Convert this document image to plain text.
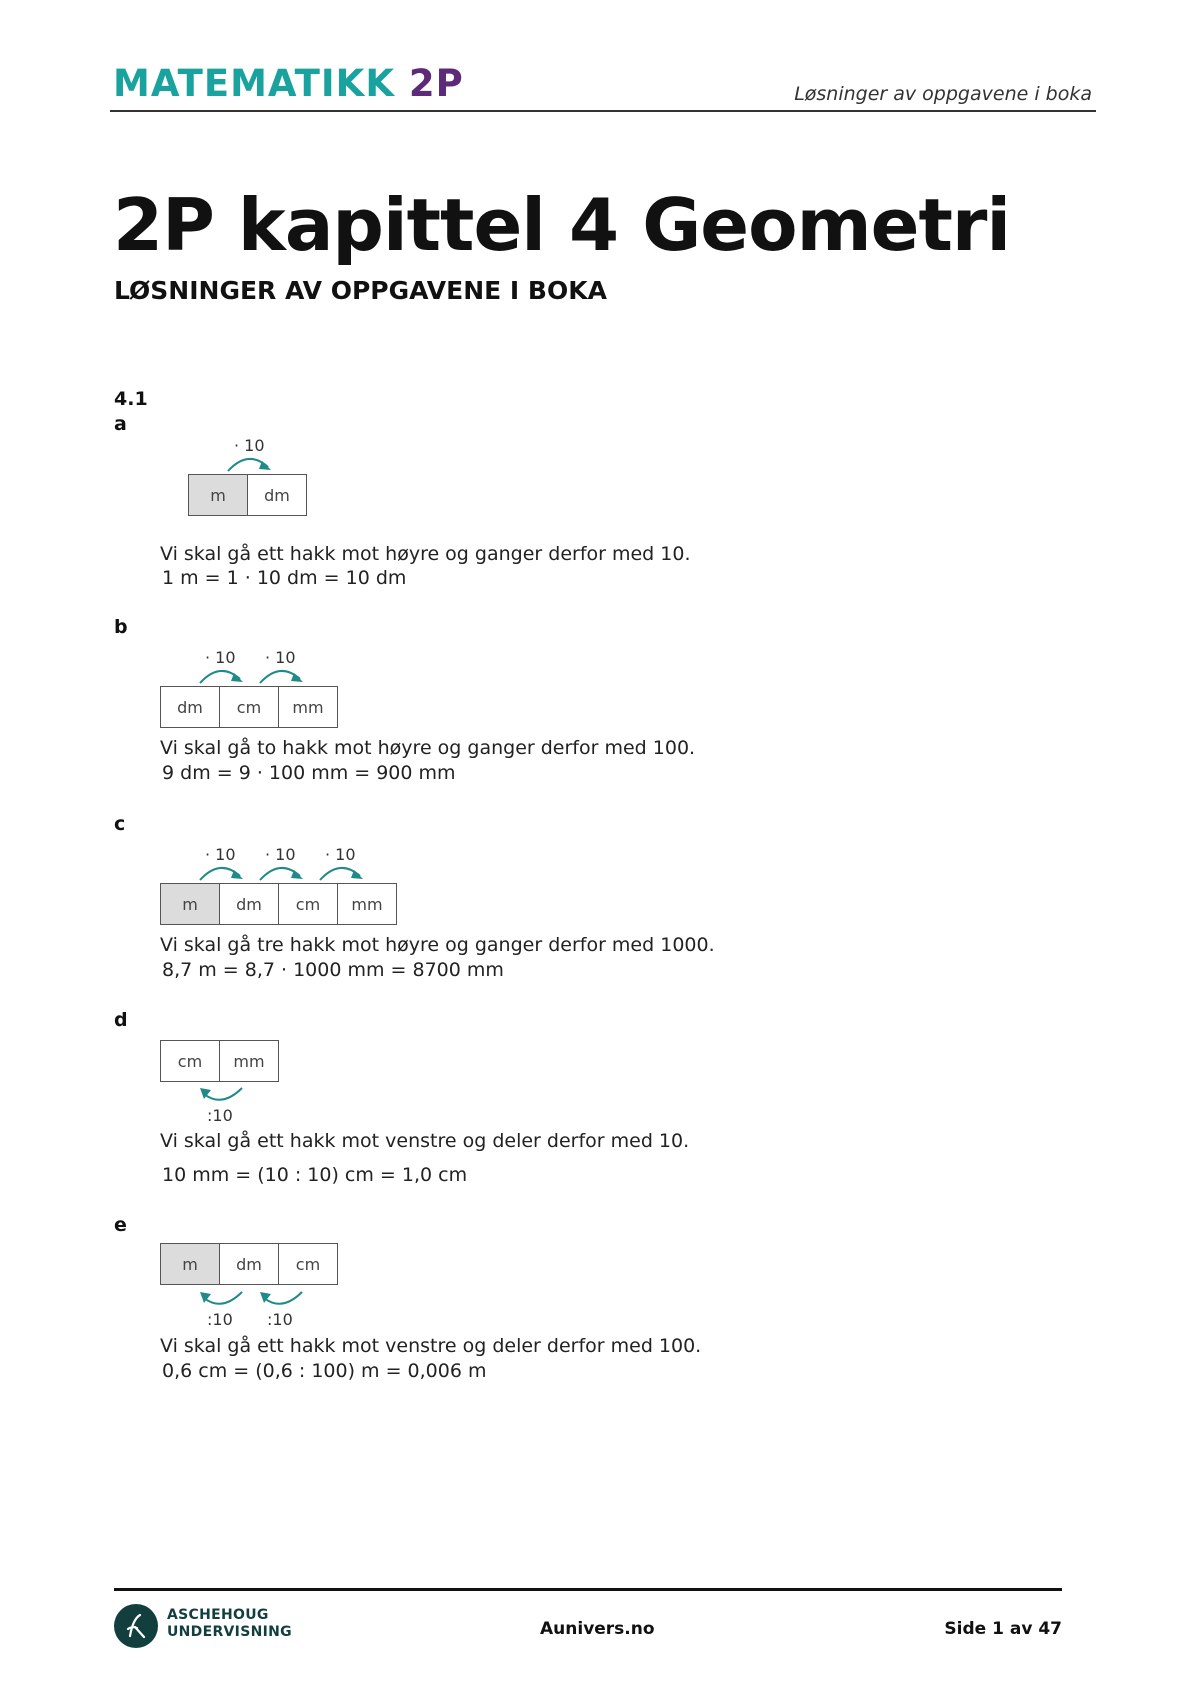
MATEMATIKK 2P	Løsninger av oppgavene i boka
2P kapittel 4 Geometri
LØSNINGER AV OPPGAVENE I BOKA
4.1
a
· 10
m	dm
Vi skal gå ett hakk mot høyre og ganger derfor med 10.
1 m = 1 · 10 dm = 10 dm
b
· 10 · 10
dm	cm	mm
Vi skal gå to hakk mot høyre og ganger derfor med 100.
9 dm = 9 · 100 mm = 900 mm
c
· 10 · 10 · 10
m	dm	cm	mm
Vi skal gå tre hakk mot høyre og ganger derfor med 1000.
8,7 m = 8,7 · 1000 mm = 8700 mm
d
cm	mm
:10
Vi skal gå ett hakk mot venstre og deler derfor med 10.
10 mm = (10 : 10) cm = 1,0 cm
e
m	dm	cm
:10 :10
Vi skal gå ett hakk mot venstre og deler derfor med 100.
0,6 cm = (0,6 : 100) m = 0,006 m
ASCHEHOUG
UNDERVISNING	Aunivers.no	Side 1 av 47
